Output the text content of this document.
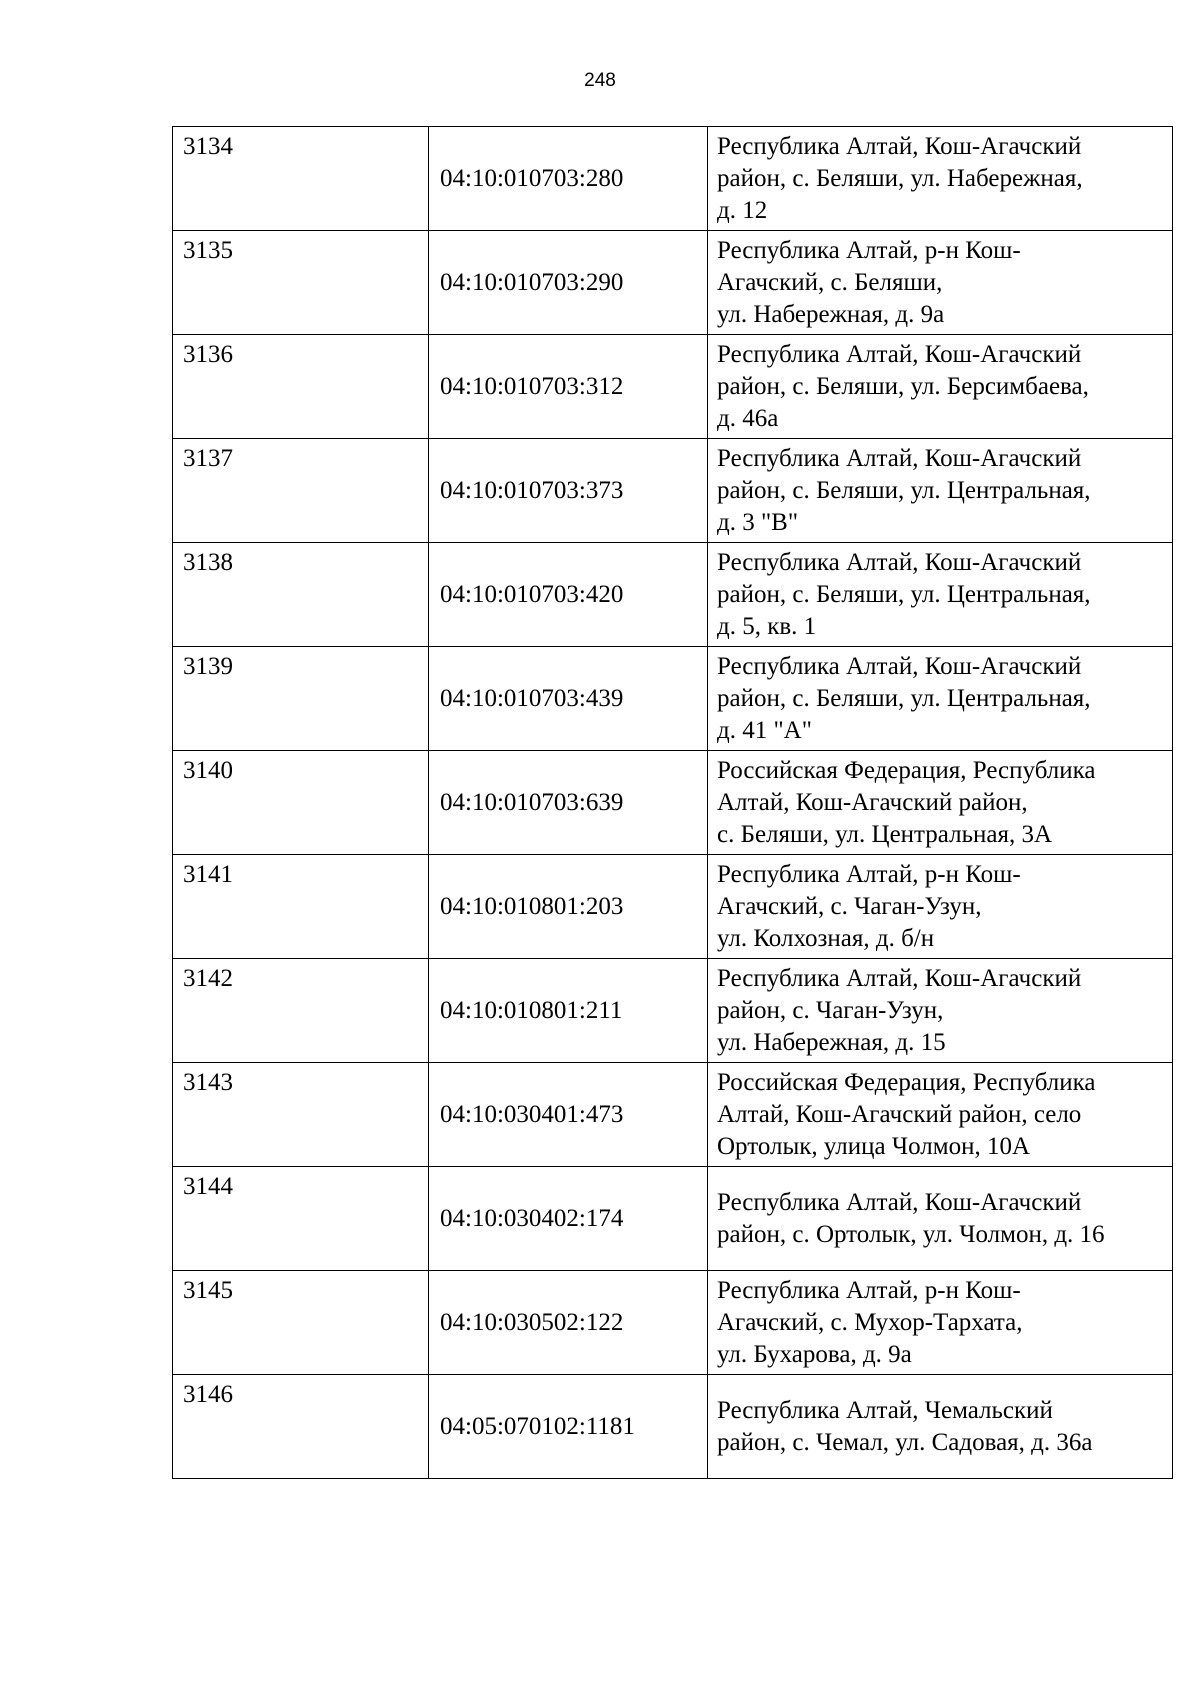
248
3134	04:10:010703:280	Республика Алтай, Кош-Агачский
район, с. Беляши, ул. Набережная,
д. 12
3135	04:10:010703:290	Республика Алтай, р-н Кош-
Агачский, с. Беляши,
ул. Набережная, д. 9а
3136	04:10:010703:312	Республика Алтай, Кош-Агачский
район, с. Беляши, ул. Берсимбаева,
д. 46а
3137	04:10:010703:373	Республика Алтай, Кош-Агачский
район, с. Беляши, ул. Центральная,
д. 3 "В"
3138	04:10:010703:420	Республика Алтай, Кош-Агачский
район, с. Беляши, ул. Центральная,
д. 5, кв. 1
3139	04:10:010703:439	Республика Алтай, Кош-Агачский
район, с. Беляши, ул. Центральная,
д. 41 "А"
3140	04:10:010703:639	Российская Федерация, Республика
Алтай, Кош-Агачский район,
с. Беляши, ул. Центральная, 3А
3141	04:10:010801:203	Республика Алтай, р-н Кош-
Агачский, с. Чаган-Узун,
ул. Колхозная, д. б/н
3142	04:10:010801:211	Республика Алтай, Кош-Агачский
район, с. Чаган-Узун,
ул. Набережная, д. 15
3143	04:10:030401:473	Российская Федерация, Республика
Алтай, Кош-Агачский район, село
Ортолык, улица Чолмон, 10А
3144	04:10:030402:174	Республика Алтай, Кош-Агачский
район, с. Ортолык, ул. Чолмон, д. 16
3145	04:10:030502:122	Республика Алтай, р-н Кош-
Агачский, с. Мухор-Тархата,
ул. Бухарова, д. 9а
3146	04:05:070102:1181	Республика Алтай, Чемальский
район, с. Чемал, ул. Садовая, д. 36а
